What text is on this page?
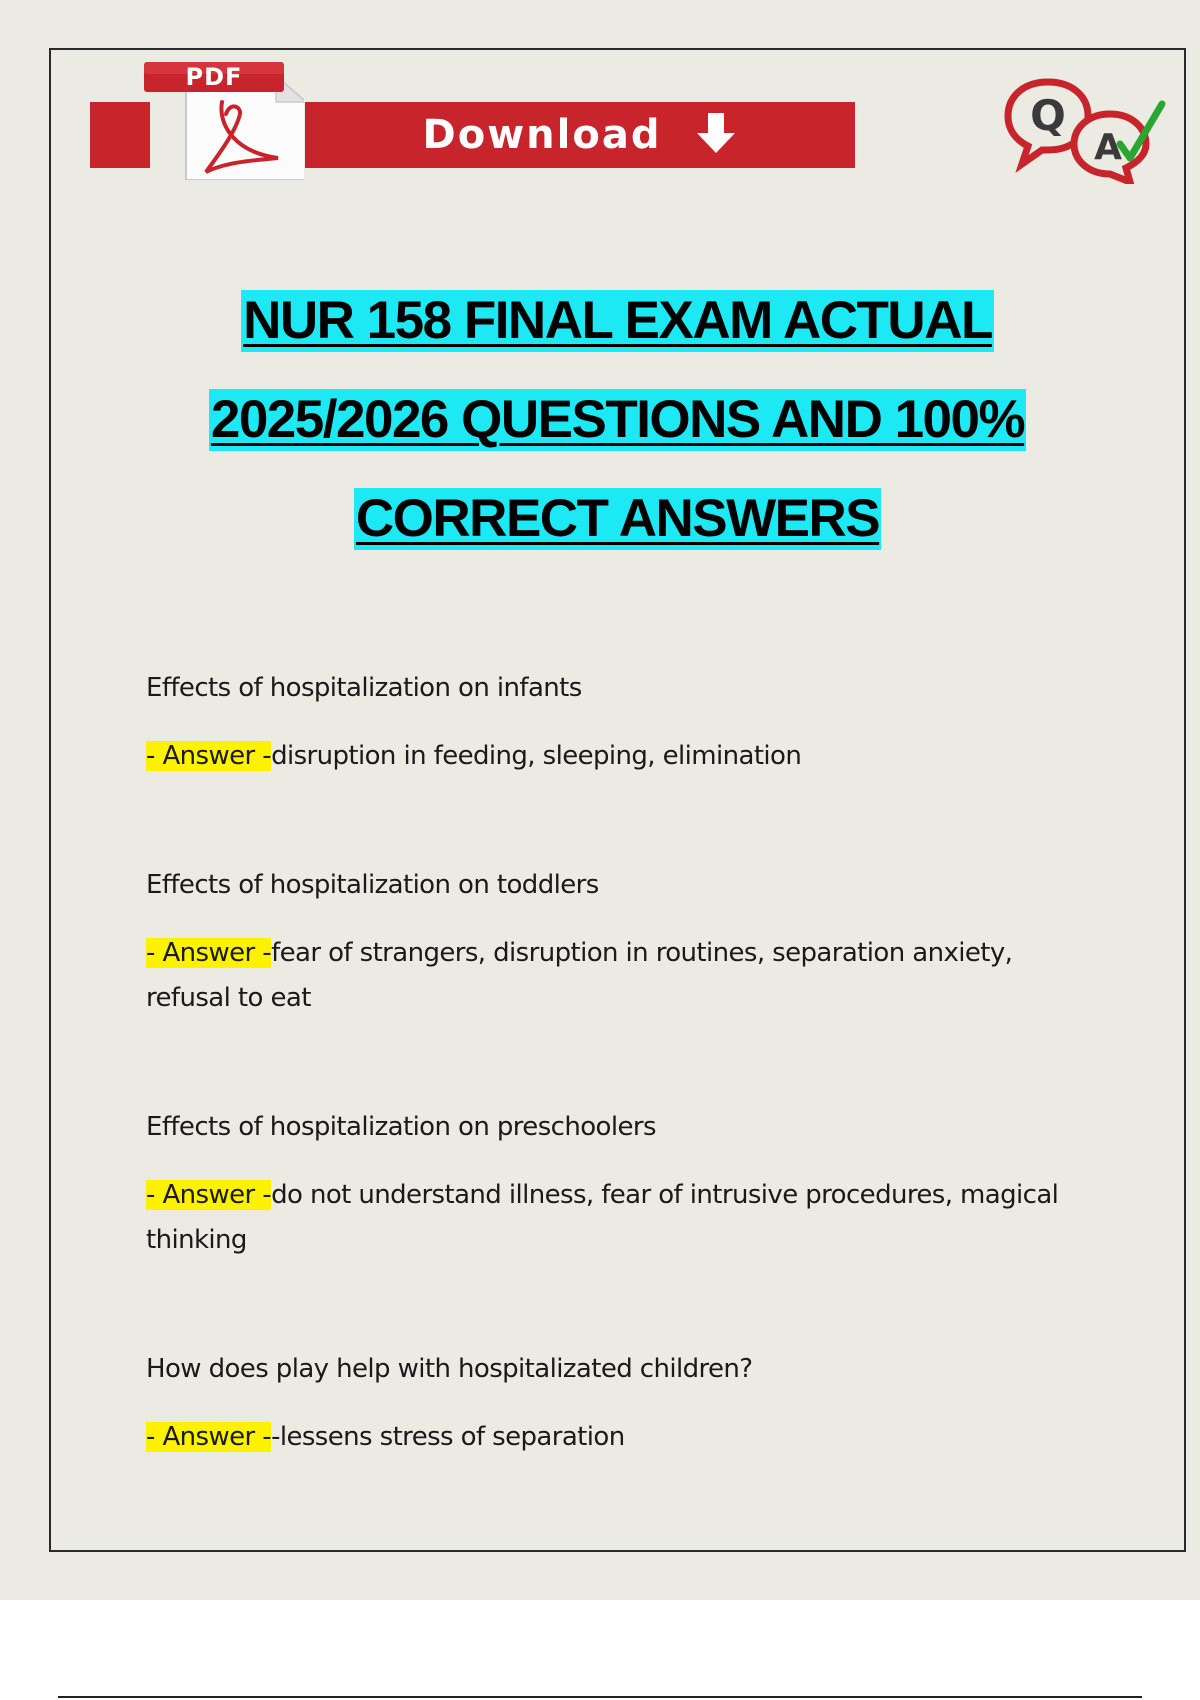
Download
PDF
Q
A
NUR 158 FINAL EXAM ACTUAL
2025/2026 QUESTIONS AND 100%
CORRECT ANSWERS
Effects of hospitalization on infants
- Answer -disruption in feeding, sleeping, elimination
Effects of hospitalization on toddlers
- Answer -fear of strangers, disruption in routines, separation anxiety, refusal to eat
Effects of hospitalization on preschoolers
- Answer -do not understand illness, fear of intrusive procedures, magical thinking
How does play help with hospitalizated children?
- Answer --lessens stress of separation
